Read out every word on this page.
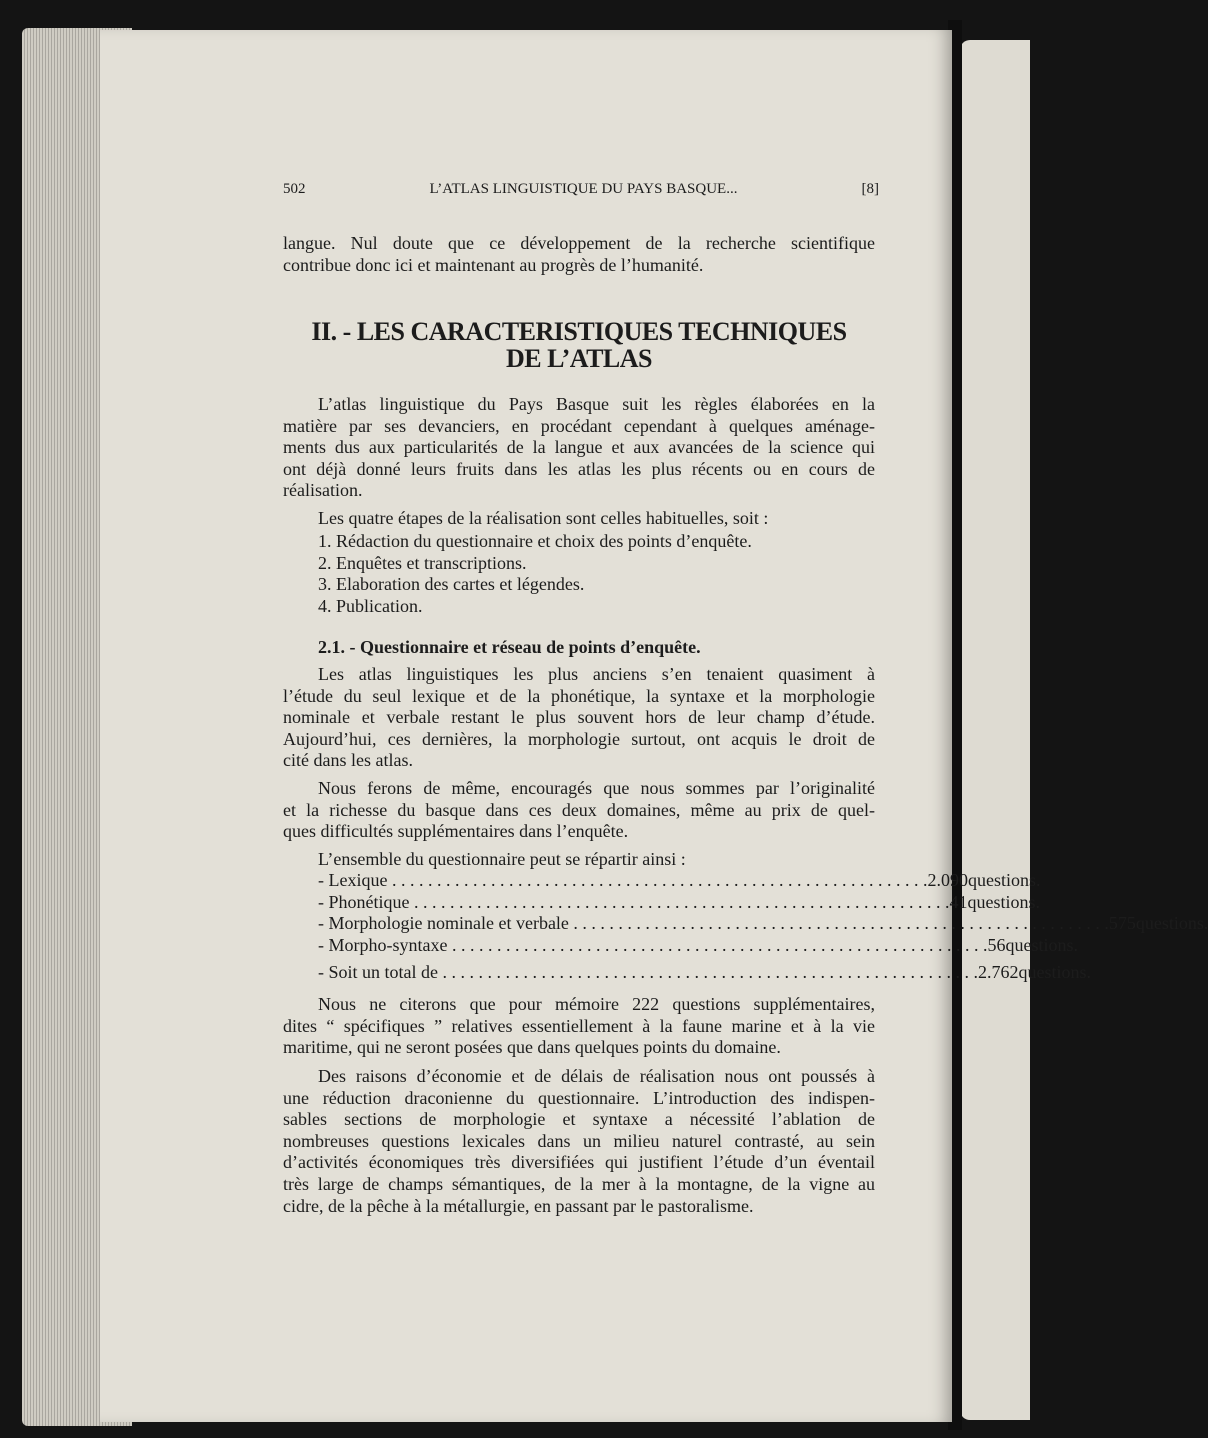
502	L’ATLAS LINGUISTIQUE DU PAYS BASQUE...	[8]
langue. Nul doute que ce développement de la recherche scientifique
contribue donc ici et maintenant au progrès de l’humanité.
II. - LES CARACTERISTIQUES TECHNIQUES
DE L’ATLAS
L’atlas linguistique du Pays Basque suit les règles élaborées en la
matière par ses devanciers, en procédant cependant à quelques aménage-
ments dus aux particularités de la langue et aux avancées de la science qui
ont déjà donné leurs fruits dans les atlas les plus récents ou en cours de
réalisation.
Les quatre étapes de la réalisation sont celles habituelles, soit :
1. Rédaction du questionnaire et choix des points d’enquête.
2. Enquêtes et transcriptions.
3. Elaboration des cartes et légendes.
4. Publication.
2.1. - Questionnaire et réseau de points d’enquête.
Les atlas linguistiques les plus anciens s’en tenaient quasiment à
l’étude du seul lexique et de la phonétique, la syntaxe et la morphologie
nominale et verbale restant le plus souvent hors de leur champ d’étude.
Aujourd’hui, ces dernières, la morphologie surtout, ont acquis le droit de
cité dans les atlas.
Nous ferons de même, encouragés que nous sommes par l’originalité
et la richesse du basque dans ces deux domaines, même au prix de quel-
ques difficultés supplémentaires dans l’enquête.
L’ensemble du questionnaire peut se répartir ainsi :
- Lexique . . . . . . . . . . . . . . . . . . . . . . . . . . . . . . . . . . . . . . . . . . . . . . . . . . . . . . . . . . . . 2.090 questions.
- Phonétique . . . . . . . . . . . . . . . . . . . . . . . . . . . . . . . . . . . . . . . . . . . . . . . . . . . . . . . . . . . . 41 questions.
- Morphologie nominale et verbale . . . . . . . . . . . . . . . . . . . . . . . . . . . . . . . . . . . . . . . . . . . . . . . . . . . . . . . . . . . . 575 questions.
- Morpho-syntaxe . . . . . . . . . . . . . . . . . . . . . . . . . . . . . . . . . . . . . . . . . . . . . . . . . . . . . . . . . . . . 56 questions.
- Soit un total de . . . . . . . . . . . . . . . . . . . . . . . . . . . . . . . . . . . . . . . . . . . . . . . . . . . . . . . . . . . . 2.762 questions.
Nous ne citerons que pour mémoire 222 questions supplémentaires,
dites “ spécifiques ” relatives essentiellement à la faune marine et à la vie
maritime, qui ne seront posées que dans quelques points du domaine.
Des raisons d’économie et de délais de réalisation nous ont poussés à
une réduction draconienne du questionnaire. L’introduction des indispen-
sables sections de morphologie et syntaxe a nécessité l’ablation de
nombreuses questions lexicales dans un milieu naturel contrasté, au sein
d’activités économiques très diversifiées qui justifient l’étude d’un éventail
très large de champs sémantiques, de la mer à la montagne, de la vigne au
cidre, de la pêche à la métallurgie, en passant par le pastoralisme.
